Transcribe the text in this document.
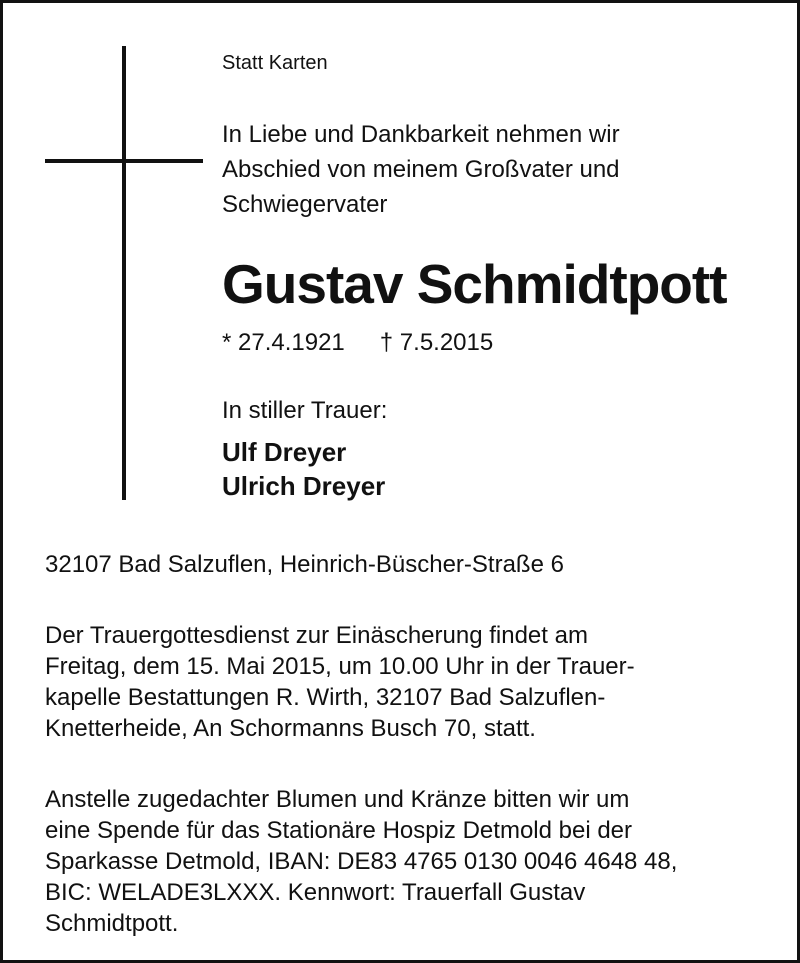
Statt Karten

In Liebe und Dankbarkeit nehmen wir
Abschied von meinem Großvater und
Schwiegervater

Gustav Schmidtpott

* 27.4.1921 † 7.5.2015

In stiller Trauer:

Ulf Dreyer
Ulrich Dreyer

32107 Bad Salzuflen, Heinrich-Büscher-Straße 6

Der Trauergottesdienst zur Einäscherung findet am
Freitag, dem 15. Mai 2015, um 10.00 Uhr in der Trauer-
kapelle Bestattungen R. Wirth, 32107 Bad Salzuflen-
Knetterheide, An Schormanns Busch 70, statt.

Anstelle zugedachter Blumen und Kränze bitten wir um
eine Spende für das Stationäre Hospiz Detmold bei der
Sparkasse Detmold, IBAN: DE83 4765 0130 0046 4648 48,
BIC: WELADE3LXXX. Kennwort: Trauerfall Gustav
Schmidtpott.
